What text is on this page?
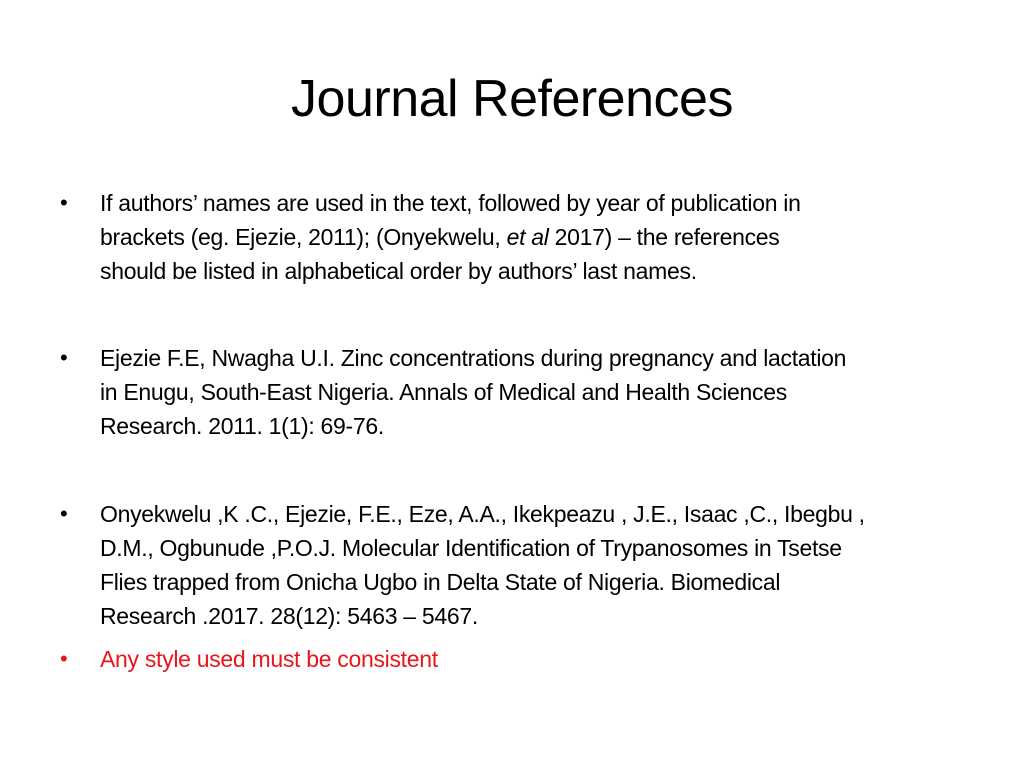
Journal References
•	If authors’ names are used in the text, followed by year of publication in
brackets (eg. Ejezie, 2011); (Onyekwelu, et al 2017) – the references
should be listed in alphabetical order by authors’ last names.
•	Ejezie F.E, Nwagha U.I. Zinc concentrations during pregnancy and lactation
in Enugu, South-East Nigeria. Annals of Medical and Health Sciences
Research. 2011. 1(1): 69-76.
•	Onyekwelu ,K .C., Ejezie, F.E., Eze, A.A., Ikekpeazu , J.E., Isaac ,C., Ibegbu ,
D.M., Ogbunude ,P.O.J. Molecular Identification of Trypanosomes in Tsetse
Flies trapped from Onicha Ugbo in Delta State of Nigeria. Biomedical
Research .2017. 28(12): 5463 – 5467.
•	Any style used must be consistent
